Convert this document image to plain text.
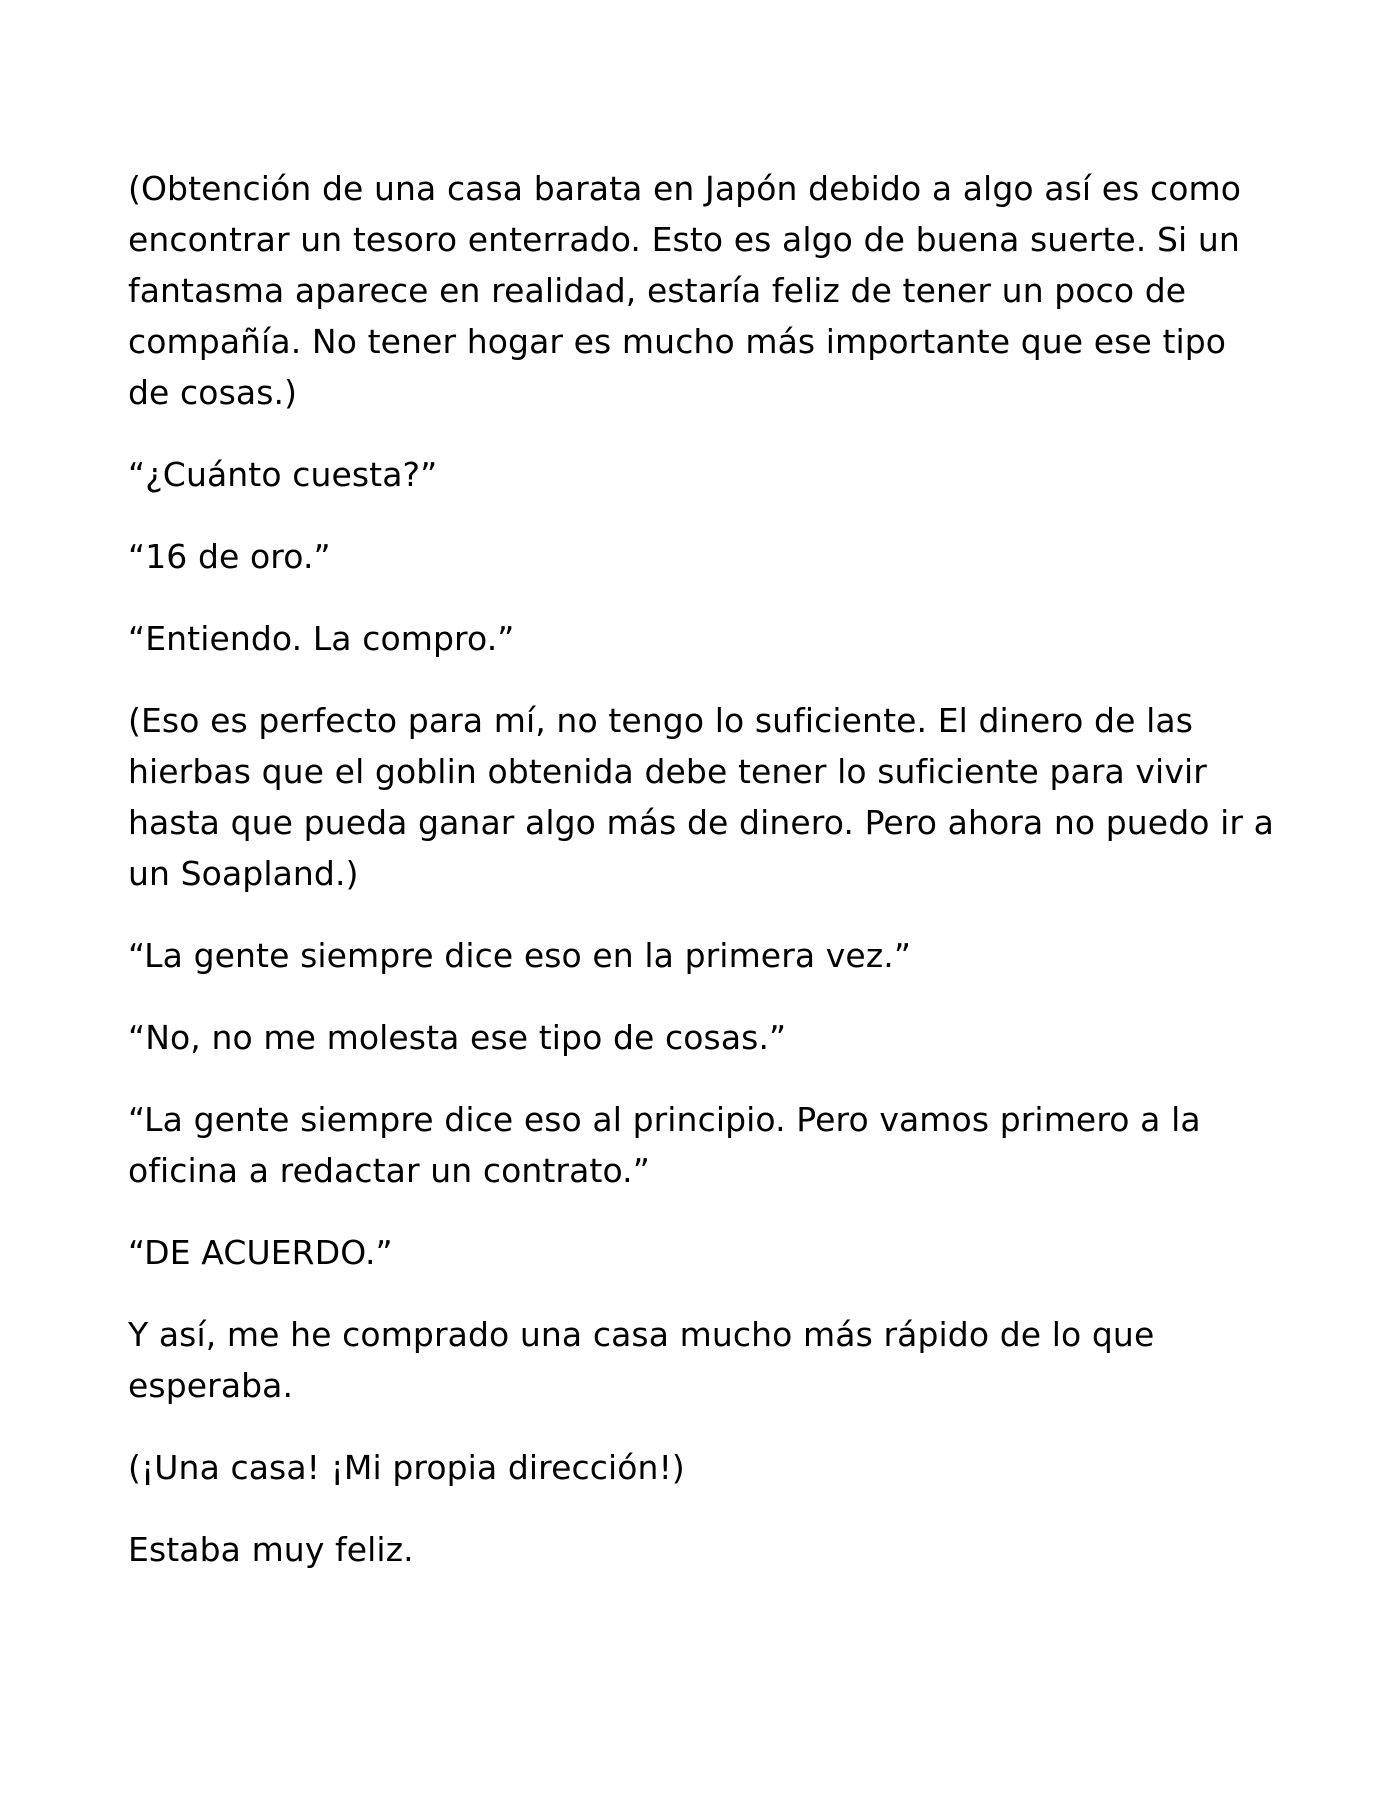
(Obtención de una casa barata en Japón debido a algo así es como encontrar un tesoro enterrado. Esto es algo de buena suerte. Si un fantasma aparece en realidad, estaría feliz de tener un poco de compañía. No tener hogar es mucho más importante que ese tipo de cosas.)

“¿Cuánto cuesta?”

“16 de oro.”

“Entiendo. La compro.”

(Eso es perfecto para mí, no tengo lo suficiente. El dinero de las hierbas que el goblin obtenida debe tener lo suficiente para vivir hasta que pueda ganar algo más de dinero. Pero ahora no puedo ir a un Soapland.)

“La gente siempre dice eso en la primera vez.”

“No, no me molesta ese tipo de cosas.”

“La gente siempre dice eso al principio. Pero vamos primero a la oficina a redactar un contrato.”

“DE ACUERDO.”

Y así, me he comprado una casa mucho más rápido de lo que esperaba.

(¡Una casa! ¡Mi propia dirección!)

Estaba muy feliz.
